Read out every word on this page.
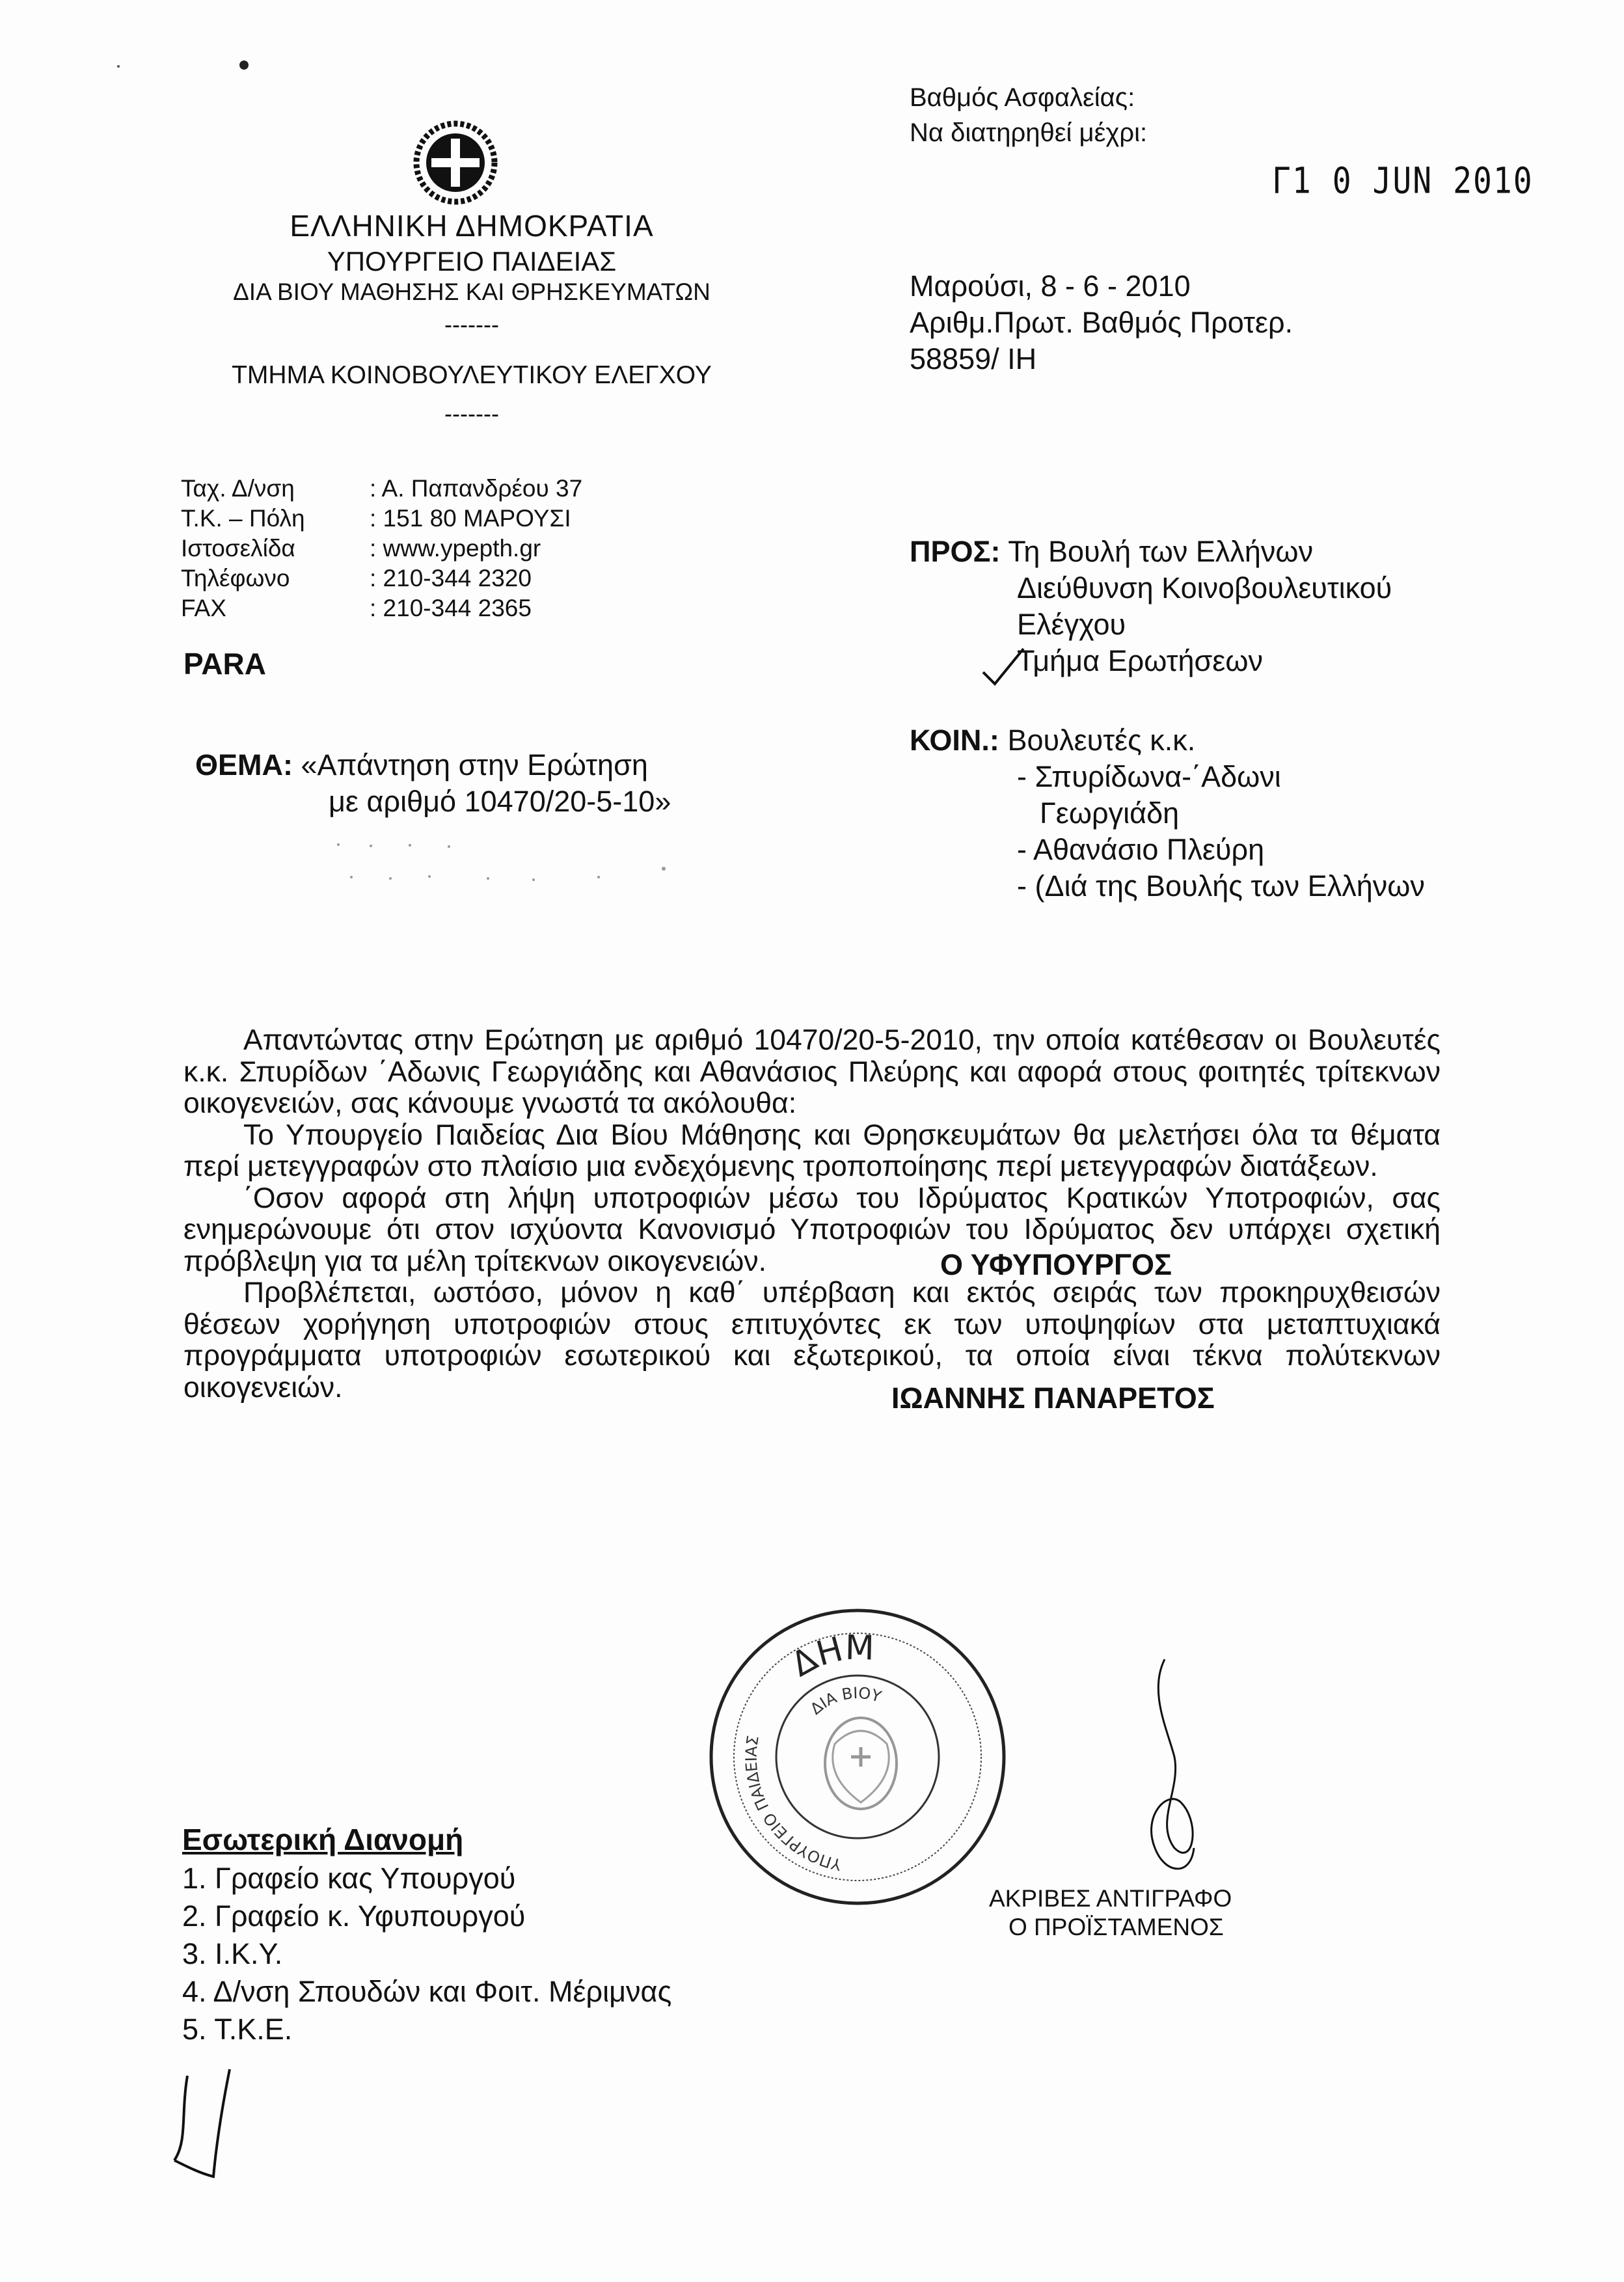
ΕΛΛΗΝΙΚΗ ΔΗΜΟΚΡΑΤΙΑ
ΥΠΟΥΡΓΕΙΟ ΠΑΙΔΕΙΑΣ
ΔΙΑ ΒΙΟΥ ΜΑΘΗΣΗΣ ΚΑΙ ΘΡΗΣΚΕΥΜΑΤΩΝ
-------
ΤΜΗΜΑ ΚΟΙΝΟΒΟΥΛΕΥΤΙΚΟΥ ΕΛΕΓΧΟΥ
-------
Βαθμός Ασφαλείας:
Να διατηρηθεί μέχρι:
Γ1 0 JUN 2010
Μαρούσι, 8 - 6 - 2010
Αριθμ.Πρωτ. Βαθμός Προτερ.
58859/ ΙΗ
Ταχ. Δ/νση	: Α. Παπανδρέου 37
Τ.Κ. – Πόλη	: 151 80 ΜΑΡΟΥΣΙ
Ιστοσελίδα	: www.ypepth.gr
Τηλέφωνο	: 210-344 2320
FAX	: 210-344 2365
PARA
ΘΕΜΑ: «Απάντηση στην Ερώτηση
με αριθμό 10470/20-5-10»
ΠΡΟΣ: Τη Βουλή των Ελλήνων
Διεύθυνση Κοινοβουλευτικού
Ελέγχου
Τμήμα Ερωτήσεων
ΚΟΙΝ.: Βουλευτές κ.κ.
- Σπυρίδωνα-΄Αδωνι
Γεωργιάδη
- Αθανάσιο Πλεύρη
- (Διά της Βουλής των Ελλήνων

Απαντώντας στην Ερώτηση με αριθμό 10470/20-5-2010, την οποία κατέθεσαν οι Βουλευτές κ.κ. Σπυρίδων ΄Αδωνις Γεωργιάδης και Αθανάσιος Πλεύρης και αφορά στους φοιτητές τρίτεκνων οικογενειών, σας κάνουμε γνωστά τα ακόλουθα:

Το Υπουργείο Παιδείας Δια Βίου Μάθησης και Θρησκευμάτων θα μελετήσει όλα τα θέματα περί μετεγγραφών στο πλαίσιο μια ενδεχόμενης τροποποίησης περί μετεγγραφών διατάξεων.

΄Οσον αφορά στη λήψη υποτροφιών μέσω του Ιδρύματος Κρατικών Υποτροφιών, σας ενημερώνουμε ότι στον ισχύοντα Κανονισμό Υποτροφιών του Ιδρύματος δεν υπάρχει σχετική πρόβλεψη για τα μέλη τρίτεκνων οικογενειών.

Προβλέπεται, ωστόσο, μόνον η καθ΄ υπέρβαση και εκτός σειράς των προκηρυχθεισών θέσεων χορήγηση υποτροφιών στους επιτυχόντες εκ των υποψηφίων στα μεταπτυχιακά προγράμματα υποτροφιών εσωτερικού και εξωτερικού, τα οποία είναι τέκνα πολύτεκνων οικογενειών.

Ο ΥΦΥΠΟΥΡΓΟΣ
ΙΩΑΝΝΗΣ ΠΑΝΑΡΕΤΟΣ
ΔΗΜ
ΔΙΑ ΒΙΟΥ
ΥΠΟΥΡΓΕΙΟ ΠΑΙΔΕΙΑΣ
ΑΚΡΙΒΕΣ ΑΝΤΙΓΡΑΦΟ
Ο ΠΡΟΪΣΤΑΜΕΝΟΣ
Εσωτερική Διανομή
1. Γραφείο κας Υπουργού
2. Γραφείο κ. Υφυπουργού
3. Ι.Κ.Υ.
4. Δ/νση Σπουδών και Φοιτ. Μέριμνας
5. Τ.Κ.Ε.
